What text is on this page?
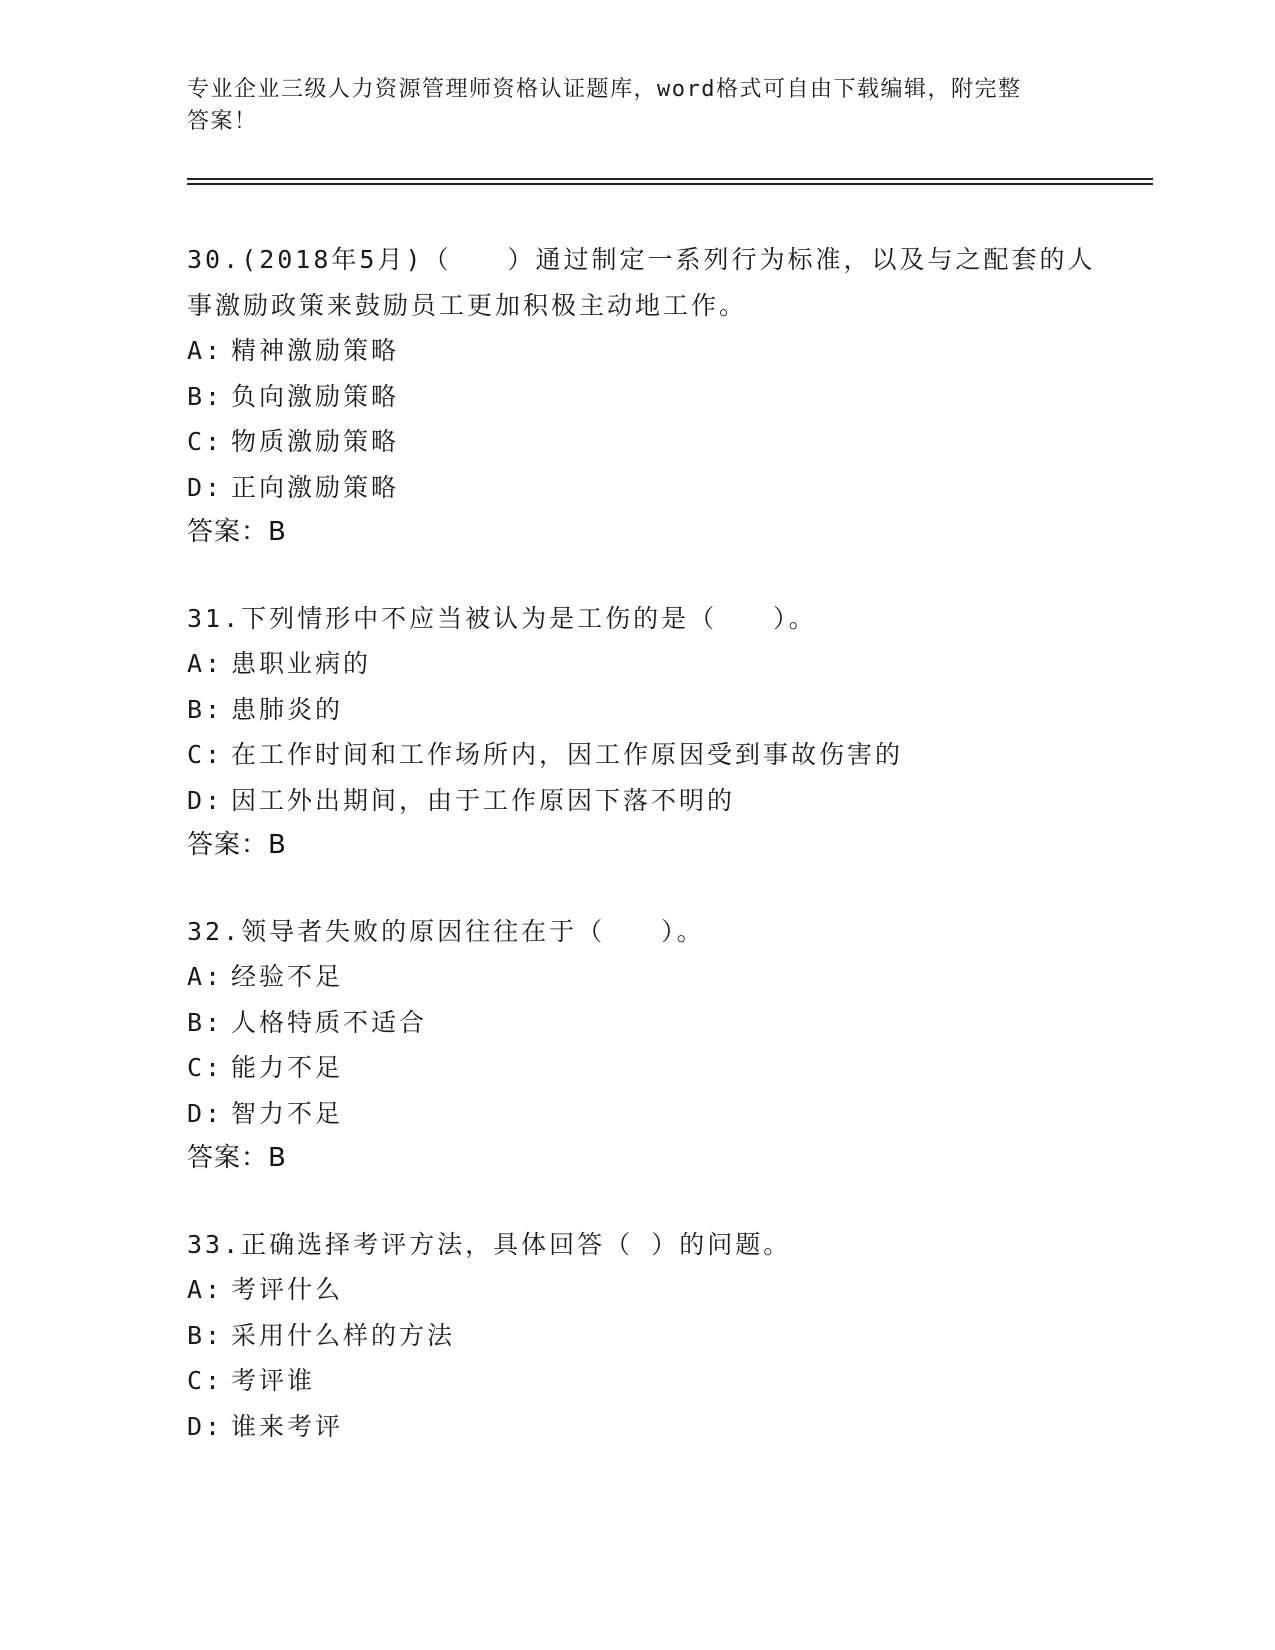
专业企业三级人力资源管理师资格认证题库，word格式可自由下载编辑，附完整
答案！
30.(2018年5月)（　　）通过制定一系列行为标准，以及与之配套的人事激励政策来鼓励员工更加积极主动地工作。
A: 精神激励策略
B: 负向激励策略
C: 物质激励策略
D: 正向激励策略
答案：B
31.下列情形中不应当被认为是工伤的是（　　）。
A: 患职业病的
B: 患肺炎的
C: 在工作时间和工作场所内，因工作原因受到事故伤害的
D: 因工外出期间，由于工作原因下落不明的
答案：B
32.领导者失败的原因往往在于（　　）。
A: 经验不足
B: 人格特质不适合
C: 能力不足
D: 智力不足
答案：B
33.正确选择考评方法，具体回答（ ）的问题。
A: 考评什么
B: 采用什么样的方法
C: 考评谁
D: 谁来考评
